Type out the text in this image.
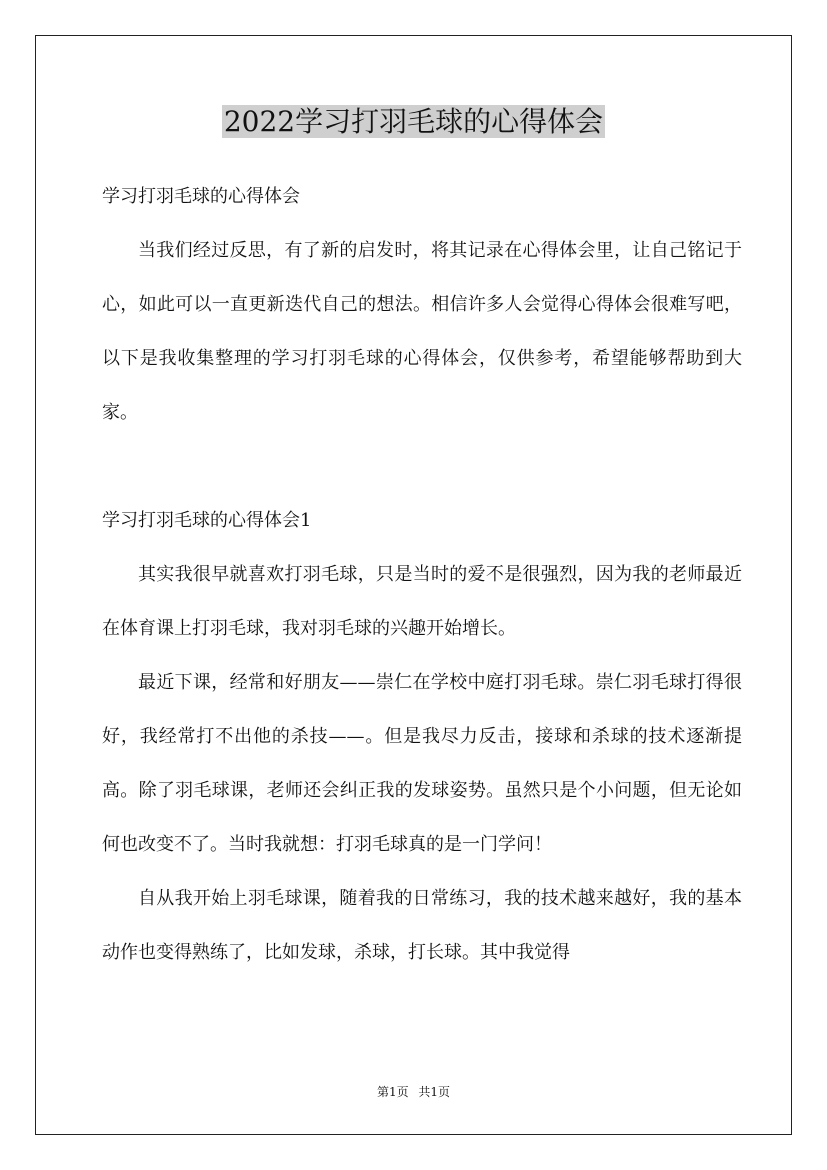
2022学习打羽毛球的心得体会

学习打羽毛球的心得体会

当我们经过反思，有了新的启发时，将其记录在心得体会里，让自己铭记于心，如此可以一直更新迭代自己的想法。相信许多人会觉得心得体会很难写吧，以下是我收集整理的学习打羽毛球的心得体会，仅供参考，希望能够帮助到大家。

学习打羽毛球的心得体会1

其实我很早就喜欢打羽毛球，只是当时的爱不是很强烈，因为我的老师最近在体育课上打羽毛球，我对羽毛球的兴趣开始增长。

最近下课，经常和好朋友——崇仁在学校中庭打羽毛球。崇仁羽毛球打得很好，我经常打不出他的杀技——。但是我尽力反击，接球和杀球的技术逐渐提高。除了羽毛球课，老师还会纠正我的发球姿势。虽然只是个小问题，但无论如何也改变不了。当时我就想：打羽毛球真的是一门学问！

自从我开始上羽毛球课，随着我的日常练习，我的技术越来越好，我的基本动作也变得熟练了，比如发球，杀球，打长球。其中我觉得

第1页 共1页
